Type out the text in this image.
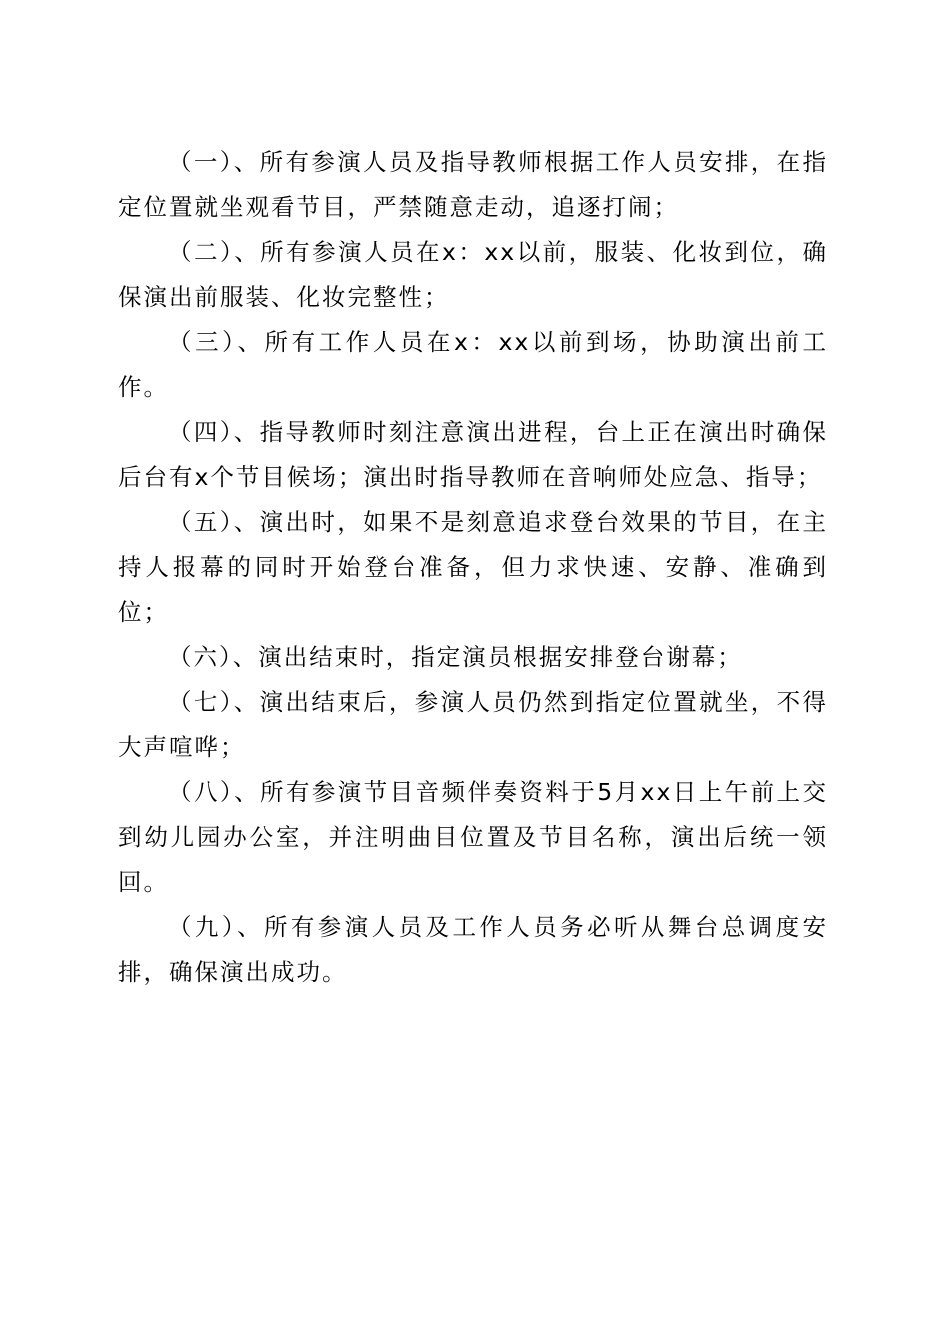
（一）、所有参演人员及指导教师根据工作人员安排，在指定位置就坐观看节目，严禁随意走动，追逐打闹；

（二）、所有参演人员在x：xx以前，服装、化妆到位，确保演出前服装、化妆完整性；

（三）、所有工作人员在x：xx以前到场，协助演出前工作。

（四）、指导教师时刻注意演出进程，台上正在演出时确保后台有x个节目候场；演出时指导教师在音响师处应急、指导；

（五）、演出时，如果不是刻意追求登台效果的节目，在主持人报幕的同时开始登台准备，但力求快速、安静、准确到位；

（六）、演出结束时，指定演员根据安排登台谢幕；

（七）、演出结束后，参演人员仍然到指定位置就坐，不得大声喧哗；

（八）、所有参演节目音频伴奏资料于5月xx日上午前上交到幼儿园办公室，并注明曲目位置及节目名称，演出后统一领回。

（九）、所有参演人员及工作人员务必听从舞台总调度安排，确保演出成功。
